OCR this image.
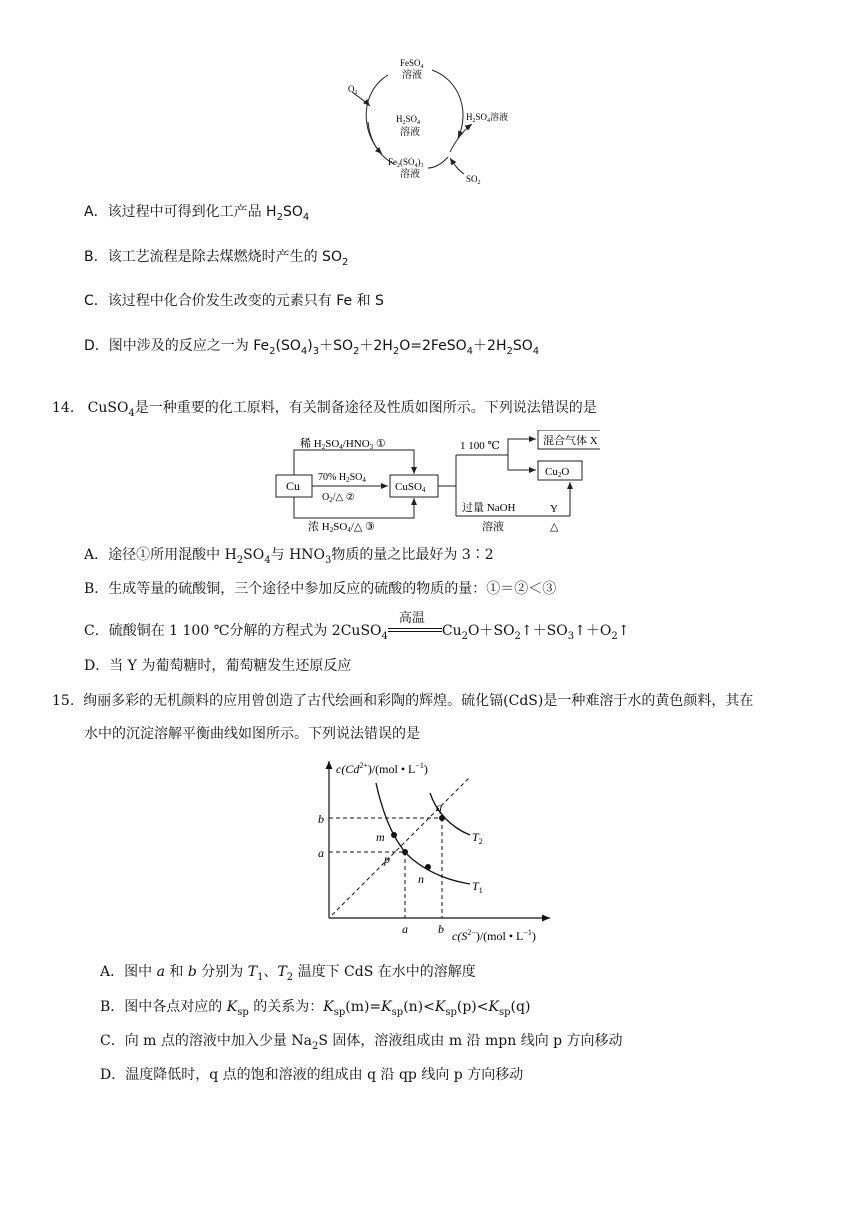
FeSO$_4$
溶液
$H_2SO_4$
溶液
$Fe_2(SO_4)_3$
溶液
$O_2$
$H_2SO_4$溶液
$SO_2$
A．该过程中可得到化工产品 $H_2SO_4$
B．该工艺流程是除去煤燃烧时产生的 $SO_2$
C．该过程中化合价发生改变的元素只有 Fe 和 S
D．图中涉及的反应之一为 $Fe_2(SO_4)_3+SO_2+2H_2O=2FeSO_4+2H_2SO_4$
14. CuSO$_4$是一种重要的化工原料，有关制备途径及性质如图所示。下列说法错误的是
Cu	CuSO4
稀 H2SO4/HNO3 ①
70% $H_2SO_4$
$O_2/\triangle$ ②
浓 H2SO4/△ ③
1 100 ℃	混合气体 X
Cu2O
过量 NaOH
溶液
Y
△
A．途径①所用混酸中 $H_2SO_4$与 $HNO_3$物质的量之比最好为 3∶2
B．生成等量的硫酸铜，三个途径中参加反应的硫酸的物质的量：①＝②＜③
C．硫酸铜在 1 100 ℃分解的方程式为 2CuSO$_4$
高温
$Cu_2O+SO_2↑+SO_3↑+O_2↑$
D．当 Y 为葡萄糖时，葡萄糖发生还原反应
15. 绚丽多彩的无机颜料的应用曾创造了古代绘画和彩陶的辉煌。硫化镉(CdS)是一种难溶于水的黄色颜料，其在
水中的沉淀溶解平衡曲线如图所示。下列说法错误的是
$c(Cd^{2+})/(mol$ • $L^{-1}$)
$c(S^{2-})/(mol$ • $L^{-1}$)
m
p
n
q
b
a
a	b
$T_1$
$T_2$
A．图中 a 和 b 分别为 $T_1$、$T_2$ 温度下 CdS 在水中的溶解度
B．图中各点对应的 $K_{sp}$ 的关系为：$K_{sp}(m)=K_{sp}(n)<K_{sp}(p)<K_{sp}(q)$
C．向 m 点的溶液中加入少量 $Na_2S$ 固体，溶液组成由 m 沿 mpn 线向 p 方向移动
D．温度降低时，q 点的饱和溶液的组成由 q 沿 qp 线向 p 方向移动
